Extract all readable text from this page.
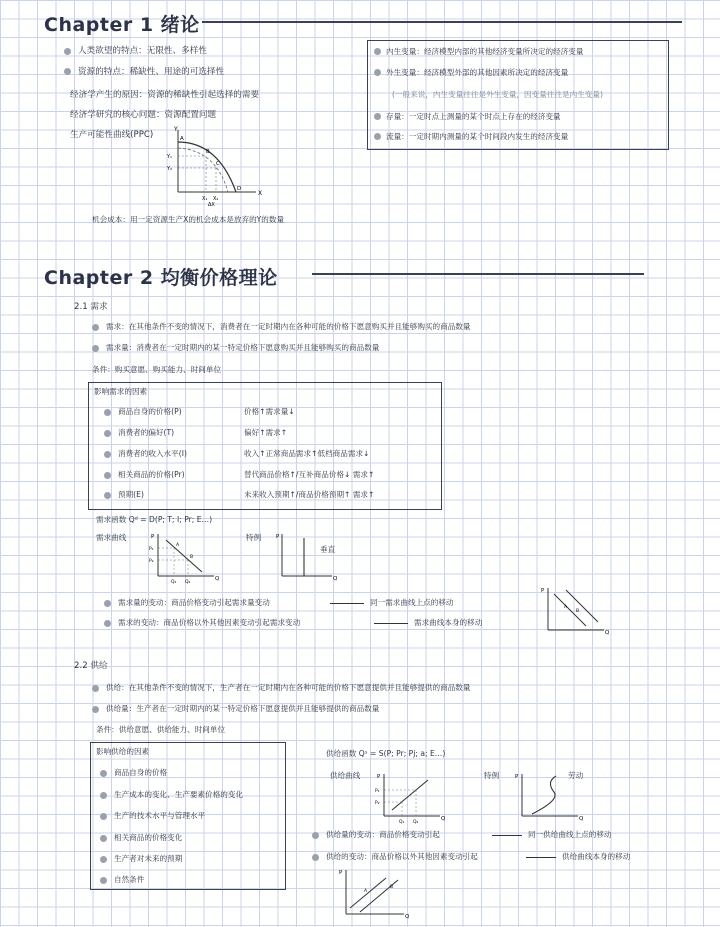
Chapter 1 绪论
人类欲望的特点：无限性、多样性
资源的特点：稀缺性、用途的可选择性
经济学产生的原因：资源的稀缺性引起选择的需要
经济学研究的核心问题：资源配置问题
生产可能性曲线(PPC)
Y
X
A
B
C
D
Y₁
Y₂
X₁ X₂
ΔX
机会成本：用一定资源生产X的机会成本是放弃的Y的数量
内生变量：经济模型内部的其他经济变量所决定的经济变量
外生变量：经济模型外部的其他因素所决定的经济变量
(一般来说，内生变量往往是外生变量，因变量往往是内生变量)
存量：一定时点上测量的某个时点上存在的经济变量
流量：一定时期内测量的某个时间段内发生的经济变量
Chapter 2 均衡价格理论
2.1 需求
需求：在其他条件不变的情况下，消费者在一定时期内在各种可能的价格下愿意购买并且能够购买的商品数量
需求量：消费者在一定时期内的某一特定价格下愿意购买并且能够购买的商品数量
条件：购买意愿、购买能力、时间单位
影响需求的因素
商品自身的价格(P)	价格↑需求量↓
消费者的偏好(T)	偏好↑需求↑
消费者的收入水平(I)	收入↑正常商品需求↑低档商品需求↓
相关商品的价格(Pr)	替代商品价格↑/互补商品价格↓ 需求↑
预期(E)	未来收入预期↑/商品价格预期↑ 需求↑
需求函数 Qᵈ = D(P; T; I; Pr; E…)
需求曲线	P
Q
P₁
P₂
Q₁ Q₂
A
B
特例	P
Q
垂直
需求量的变动：商品价格变动引起需求量变动	同一需求曲线上点的移动
需求的变动：商品价格以外其他因素变动引起需求变动	需求曲线本身的移动
P
Q
A
B
2.2 供给
供给：在其他条件不变的情况下，生产者在一定时期内在各种可能的价格下愿意提供并且能够提供的商品数量
供给量：生产者在一定时期内的某一特定价格下愿意提供并且能够提供的商品数量
条件：供给意愿、供给能力、时间单位
影响供给的因素
商品自身的价格
生产成本的变化、生产要素价格的变化
生产的技术水平与管理水平
相关商品的价格变化
生产者对未来的预期
自然条件
供给函数 Qˢ = S(P; Pr; Pj; a; E…)
供给曲线	P
Q
P₁
P₂
Q₁ Q₂
特例	P
Q
劳动
供给量的变动：商品价格变动引起	同一供给曲线上点的移动
供给的变动：商品价格以外其他因素变动引起	供给曲线本身的移动
P
Q
A
B
